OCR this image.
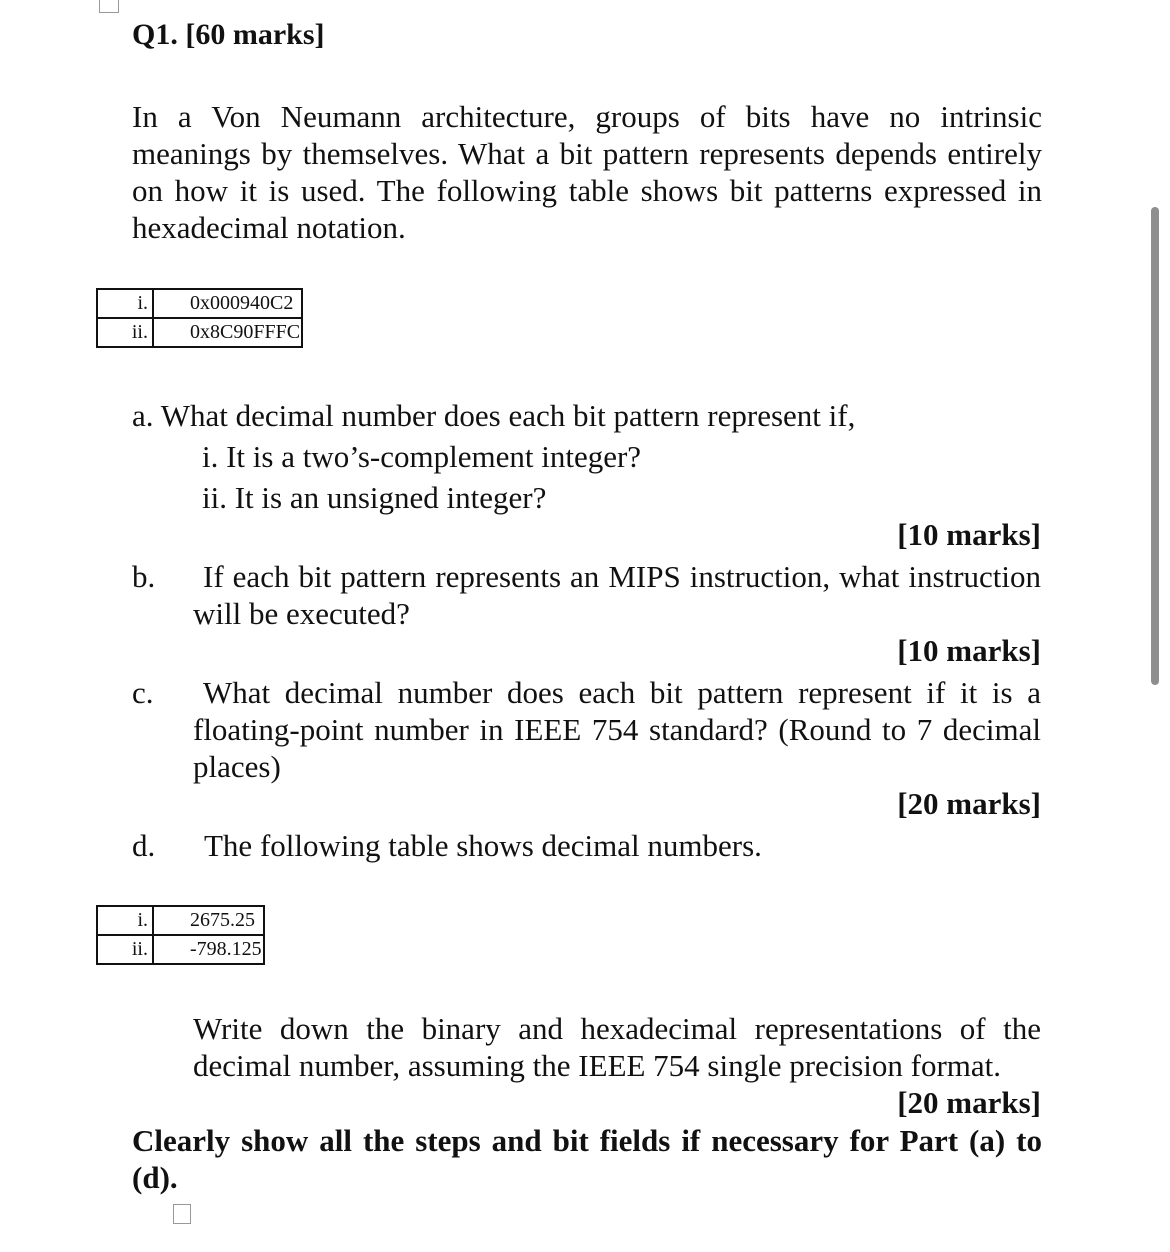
Q1. [60 marks]
In a Von Neumann architecture, groups of bits have no intrinsic meanings by themselves. What a bit pattern represents depends entirely on how it is used. The following table shows bit patterns expressed in hexadecimal notation.
i.	0x000940C2
ii.	0x8C90FFFC
a. What decimal number does each bit pattern represent if,
i. It is a two’s-complement integer?
ii. It is an unsigned integer?
[10 marks]
b.	If each bit pattern represents an MIPS instruction, what instruction will be executed?
[10 marks]
c.	What decimal number does each bit pattern represent if it is a floating-point number in IEEE 754 standard? (Round to 7 decimal places)
[20 marks]
d. The following table shows decimal numbers.
i.	2675.25
ii.	-798.125
Write down the binary and hexadecimal representations of the decimal number, assuming the IEEE 754 single precision format.
[20 marks]
Clearly show all the steps and bit fields if necessary for Part (a) to (d).
